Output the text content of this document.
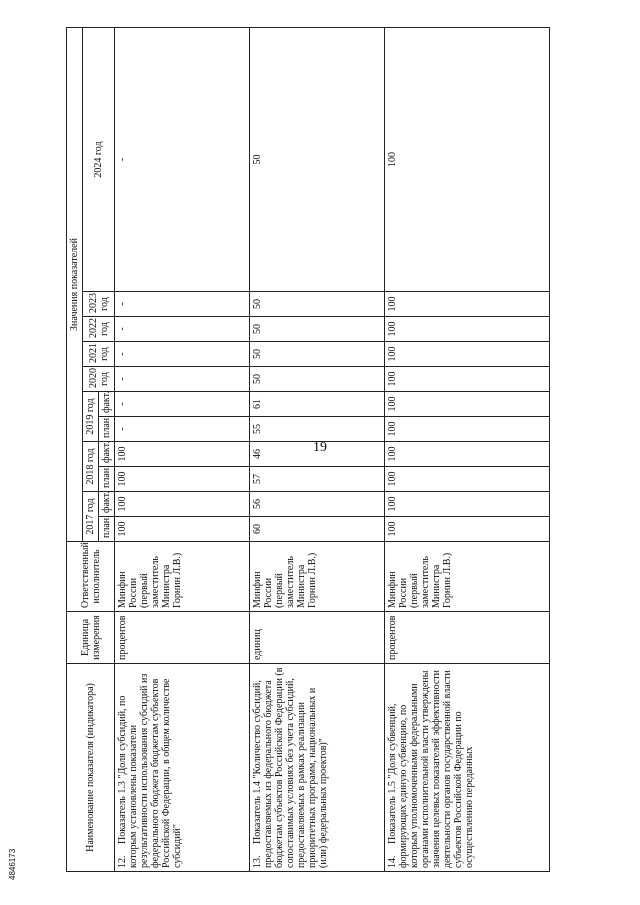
19
4846173
Наименование показателя (индикатора)	Единица измерения	Ответственный исполнитель	Значения показателей										
			2017 год		2018 год		2019 год		2020 год	2021 год	2022 год	2023 год	2024 год
			план.	факт.	план.	факт.	план.	факт.					
12.Показатель 1.3 "Доля субсидий, по которым установлены показатели результативности использования субсидий из федерального бюджета бюджетам субъектов Российской Федерации, в общем количестве субсидий"	процентов	Минфин России (первый заместитель Министра Горнин Л.В.)	100	100	100	100	-	-	-	-	-	-	-
13.Показатель 1.4 "Количество субсидий, предоставляемых из федерального бюджета бюджетам субъектов Российской Федерации (в сопоставимых условиях без учета субсидий, предоставляемых в рамках реализации приоритетных программ, национальных и (или) федеральных проектов)"	единиц	Минфин России (первый заместитель Министра Горнин Л.В.)	60	56	57	46	55	61	50	50	50	50	50
14.Показатель 1.5 "Доля субвенций, формирующих единую субвенцию, по которым уполномоченными федеральными органами исполнительной власти утверждены значения целевых показателей эффективности деятельности органов государственной власти субъектов Российской Федерации по осуществлению переданных	процентов	Минфин России (первый заместитель Министра Горнин Л.В.)	100	100	100	100	100	100	100	100	100	100	100
